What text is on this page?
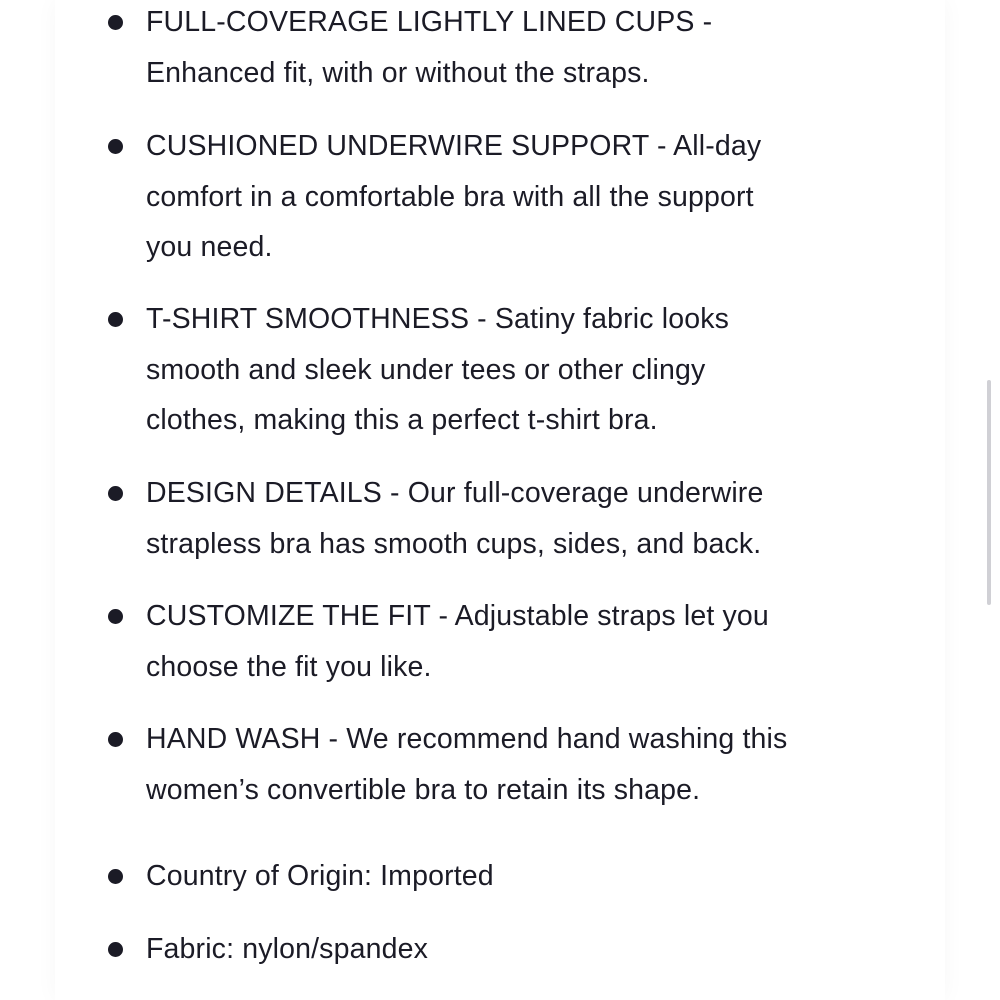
FULL-COVERAGE LIGHTLY LINED CUPS -
Enhanced fit, with or without the straps.
CUSHIONED UNDERWIRE SUPPORT - All-day
comfort in a comfortable bra with all the support
you need.
T-SHIRT SMOOTHNESS - Satiny fabric looks
smooth and sleek under tees or other clingy
clothes, making this a perfect t-shirt bra.
DESIGN DETAILS - Our full-coverage underwire
strapless bra has smooth cups, sides, and back.
CUSTOMIZE THE FIT - Adjustable straps let you
choose the fit you like.
HAND WASH - We recommend hand washing this
women’s convertible bra to retain its shape.
Country of Origin: Imported
Fabric: nylon/spandex
